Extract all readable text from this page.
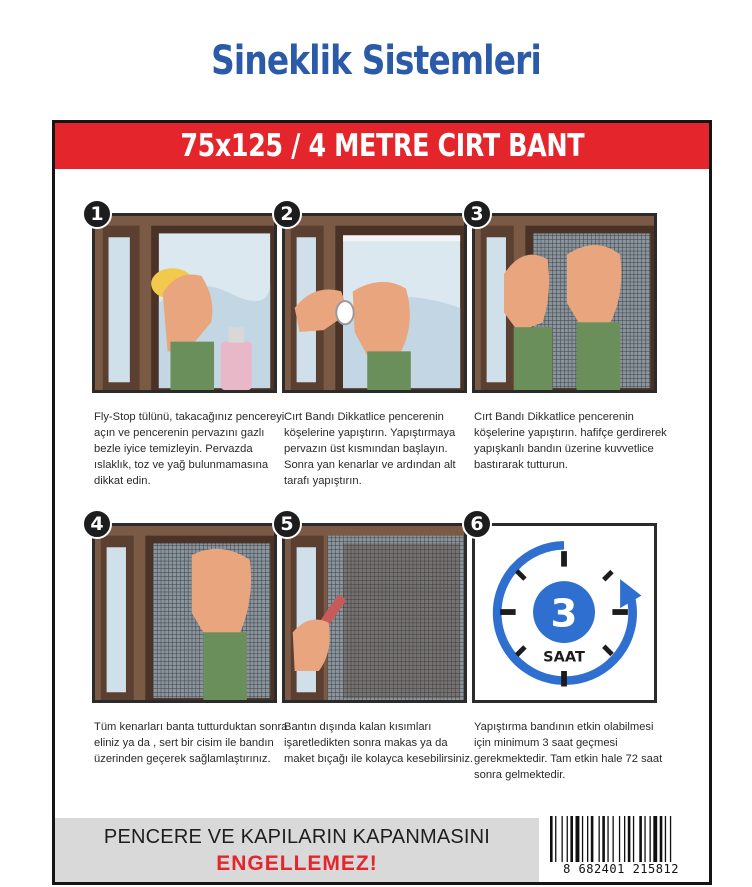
Sineklik Sistemleri
75x125 / 4 METRE CIRT BANT
1
Fly-Stop tülünü, takacağınız pencereyi açın ve pencerenin pervazını gazlı bezle iyice temizleyin. Pervazda ıslaklık, toz ve yağ bulunmamasına dikkat edin.
2
Cırt Bandı Dikkatlice pencerenin köşelerine yapıştırın. Yapıştırmaya pervazın üst kısmından başlayın. Sonra yan kenarlar ve ardından alt tarafı yapıştırın.
3
Cırt Bandı Dikkatlice pencerenin köşelerine yapıştırın. hafifçe gerdirerek yapışkanlı bandın üzerine kuvvetlice bastırarak tutturun.
4
Tüm kenarları banta tutturduktan sonra eliniz ya da , sert bir cisim ile bandın üzerinden geçerek sağlamlaştırınız.
5
Bantın dışında kalan kısımları işaretledikten sonra makas ya da maket bıçağı ile kolayca kesebilirsiniz.
6
3
SAAT
Yapıştırma bandının etkin olabilmesi için minimum 3 saat geçmesi gerekmektedir. Tam etkin hale 72 saat sonra gelmektedir.
PENCERE VE KAPILARIN KAPANMASINI
ENGELLEMEZ!	8 682401 215812
